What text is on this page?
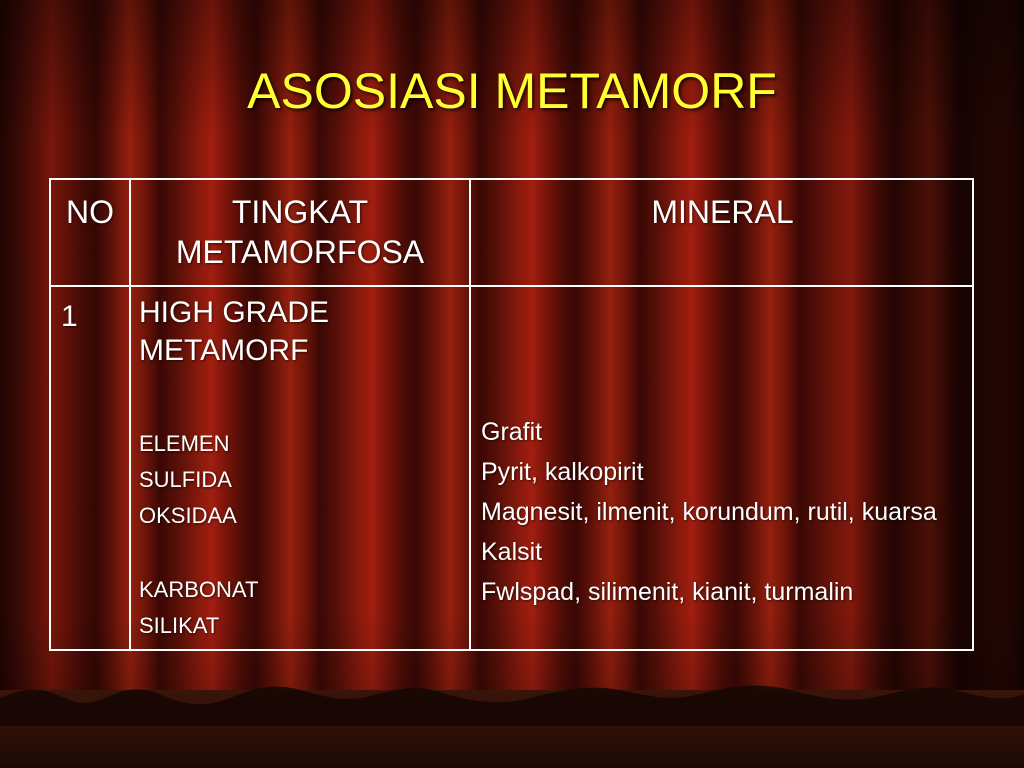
ASOSIASI METAMORF
NO	TINGKAT
METAMORFOSA
MINERAL
1	HIGH GRADE
METAMORF
ELEMEN
SULFIDA
OKSIDAA
KARBONAT
SILIKAT
Grafit
Pyrit, kalkopirit
Magnesit, ilmenit, korundum, rutil, kuarsa
Kalsit
Fwlspad, silimenit, kianit, turmalin
